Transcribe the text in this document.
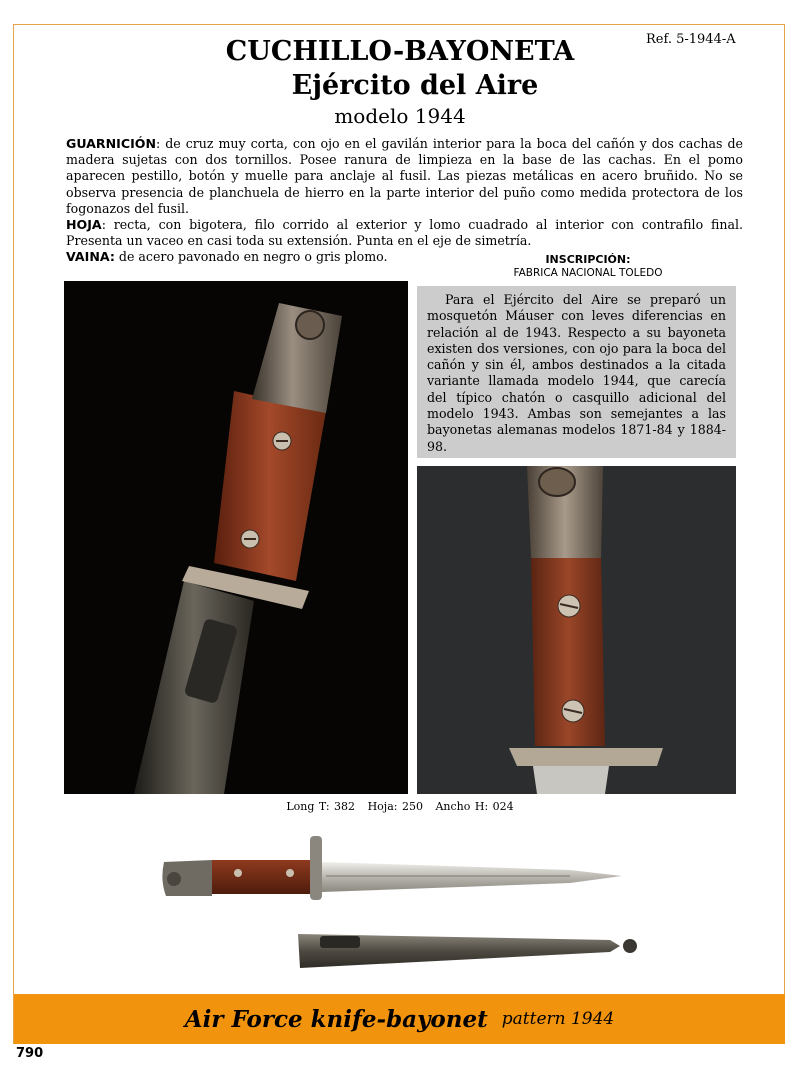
Ref. 5-1944-A
CUCHILLO-BAYONETA
Ejército del Aire
modelo 1944

GUARNICIÓN: de cruz muy corta, con ojo en el gavilán interior para la boca del cañón y dos cachas de madera sujetas con dos tornillos. Posee ranura de limpieza en la base de las cachas. En el pomo aparecen pestillo, botón y muelle para anclaje al fusil. Las piezas metálicas en acero bruñido. No se observa presencia de planchuela de hierro en la parte interior del puño como medida protectora de los fogonazos del fusil.

HOJA: recta, con bigotera, filo corrido al exterior y lomo cuadrado al interior con contrafilo final. Presenta un vaceo en casi toda su extensión. Punta en el eje de simetría.

VAINA: de acero pavonado en negro o gris plomo.	INSCRIPCIÓN:
FABRICA NACIONAL TOLEDO
Para el Ejército del Aire se preparó un mosquetón Máuser con leves diferencias en relación al de 1943. Respecto a su bayoneta existen dos versiones, con ojo para la boca del cañón y sin él, ambos destinados a la citada variante llamada modelo 1944, que carecía del típico chatón o casquillo adicional del modelo 1943. Ambas son semejantes a las bayonetas alemanas modelos 1871-84 y 1884-98.
Long T: 382 Hoja: 250 Ancho H: 024
Air Force knife-bayonet pattern 1944
790
